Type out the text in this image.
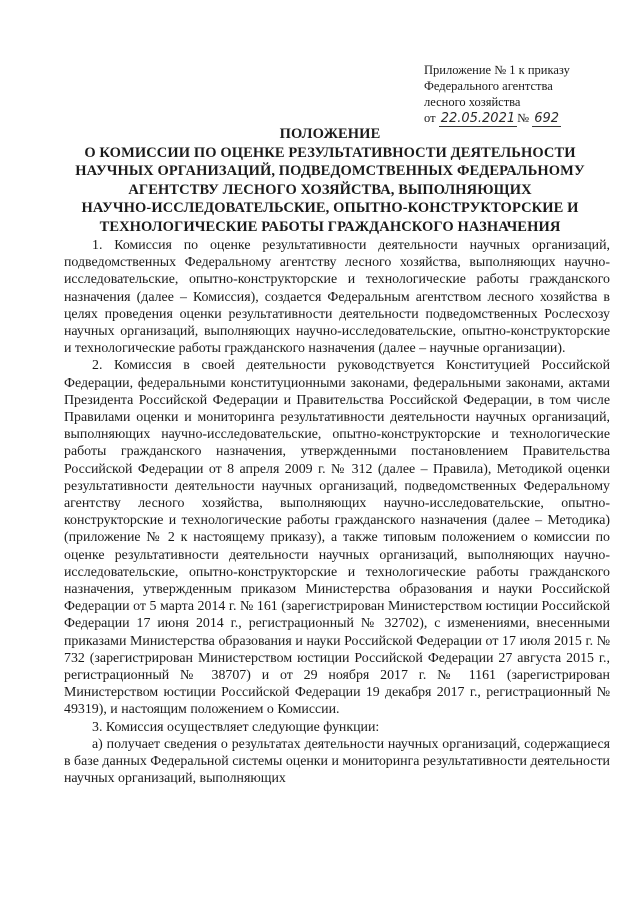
Приложение № 1 к приказу
Федерального агентства
лесного хозяйства
от 22.05.2021 № 692
ПОЛОЖЕНИЕ
О КОМИССИИ ПО ОЦЕНКЕ РЕЗУЛЬТАТИВНОСТИ ДЕЯТЕЛЬНОСТИ
НАУЧНЫХ ОРГАНИЗАЦИЙ, ПОДВЕДОМСТВЕННЫХ ФЕДЕРАЛЬНОМУ
АГЕНТСТВУ ЛЕСНОГО ХОЗЯЙСТВА, ВЫПОЛНЯЮЩИХ
НАУЧНО-ИССЛЕДОВАТЕЛЬСКИЕ, ОПЫТНО-КОНСТРУКТОРСКИЕ И
ТЕХНОЛОГИЧЕСКИЕ РАБОТЫ ГРАЖДАНСКОГО НАЗНАЧЕНИЯ

1. Комиссия по оценке результативности деятельности научных организаций, подведомственных Федеральному агентству лесного хозяйства, выполняющих научно-исследовательские, опытно-конструкторские и технологические работы гражданского назначения (далее – Комиссия), создается Федеральным агентством лесного хозяйства в целях проведения оценки результативности деятельности подведомственных Рослесхозу научных организаций, выполняющих научно-исследовательские, опытно-конструкторские и технологические работы гражданского назначения (далее – научные организации).

2. Комиссия в своей деятельности руководствуется Конституцией Российской Федерации, федеральными конституционными законами, федеральными законами, актами Президента Российской Федерации и Правительства Российской Федерации, в том числе Правилами оценки и мониторинга результативности деятельности научных организаций, выполняющих научно-исследовательские, опытно-конструкторские и технологические работы гражданского назначения, утвержденными постановлением Правительства Российской Федерации от 8 апреля 2009 г. № 312 (далее – Правила), Методикой оценки результативности деятельности научных организаций, подведомственных Федеральному агентству лесного хозяйства, выполняющих научно-исследовательские, опытно-конструкторские и технологические работы гражданского назначения (далее – Методика) (приложение № 2 к настоящему приказу), а также типовым положением о комиссии по оценке результативности деятельности научных организаций, выполняющих научно-исследовательские, опытно-конструкторские и технологические работы гражданского назначения, утвержденным приказом Министерства образования и науки Российской Федерации от 5 марта 2014 г. № 161 (зарегистрирован Министерством юстиции Российской Федерации 17 июня 2014 г., регистрационный № 32702), с изменениями, внесенными приказами Министерства образования и науки Российской Федерации от 17 июля 2015 г. № 732 (зарегистрирован Министерством юстиции Российской Федерации 27 августа 2015 г., регистрационный № 38707) и от 29 ноября 2017 г. № 1161 (зарегистрирован Министерством юстиции Российской Федерации 19 декабря 2017 г., регистрационный № 49319), и настоящим положением о Комиссии.

3. Комиссия осуществляет следующие функции:

а) получает сведения о результатах деятельности научных организаций, содержащиеся в базе данных Федеральной системы оценки и мониторинга результативности деятельности научных организаций, выполняющих
